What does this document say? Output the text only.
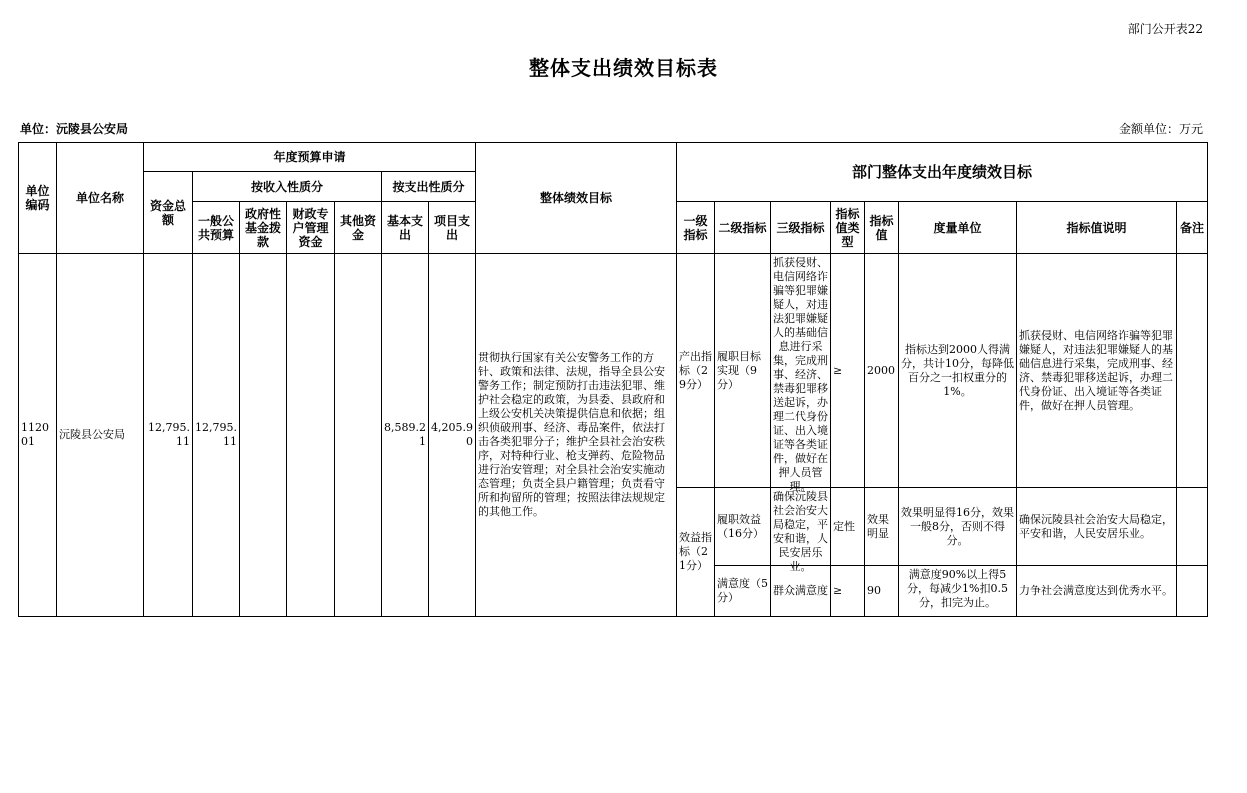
部门公开表22
整体支出绩效目标表
单位：沅陵县公安局	金额单位：万元
单位编码	单位名称	年度预算申请							整体绩效目标	部门整体支出年度绩效目标							
		资金总额	按收入性质分				按支出性质分										
			一般公共预算	政府性基金拨款	财政专户管理资金	其他资金	基本支出	项目支出		一级指标	二级指标	三级指标	指标值类型	指标值	度量单位	指标值说明	备注
112001	沅陵县公安局	12,795.11	12,795.11				8,589.21	4,205.90	贯彻执行国家有关公安警务工作的方针、政策和法律、法规，指导全县公安警务工作；制定预防打击违法犯罪、维护社会稳定的政策，为县委、县政府和上级公安机关决策提供信息和依据；组织侦破刑事、经济、毒品案件，依法打击各类犯罪分子；维护全县社会治安秩序，对特种行业、枪支弹药、危险物品进行治安管理；对全县社会治安实施动态管理；负责全县户籍管理；负责看守所和拘留所的管理；按照法律法规规定的其他工作。	产出指标（29分）	履职目标实现（9分）	抓获侵财、电信网络诈骗等犯罪嫌疑人，对违法犯罪嫌疑人的基础信息进行采集，完成刑事、经济、禁毒犯罪移送起诉，办理二代身份证、出入境证等各类证件，做好在押人员管理。	≥	2000	指标达到2000人得满分，共计10分，每降低百分之一扣权重分的1%。	抓获侵财、电信网络诈骗等犯罪嫌疑人，对违法犯罪嫌疑人的基础信息进行采集，完成刑事、经济、禁毒犯罪移送起诉，办理二代身份证、出入境证等各类证件，做好在押人员管理。	
										效益指标（21分）	履职效益（16分）	确保沅陵县社会治安大局稳定，平安和谐，人民安居乐业。	定性	效果明显	效果明显得16分，效果一般8分，否则不得分。	确保沅陵县社会治安大局稳定，平安和谐，人民安居乐业。	
											满意度（5分）	群众满意度	≥	90	满意度90%以上得5分，每减少1%扣0.5分，扣完为止。	力争社会满意度达到优秀水平。	
